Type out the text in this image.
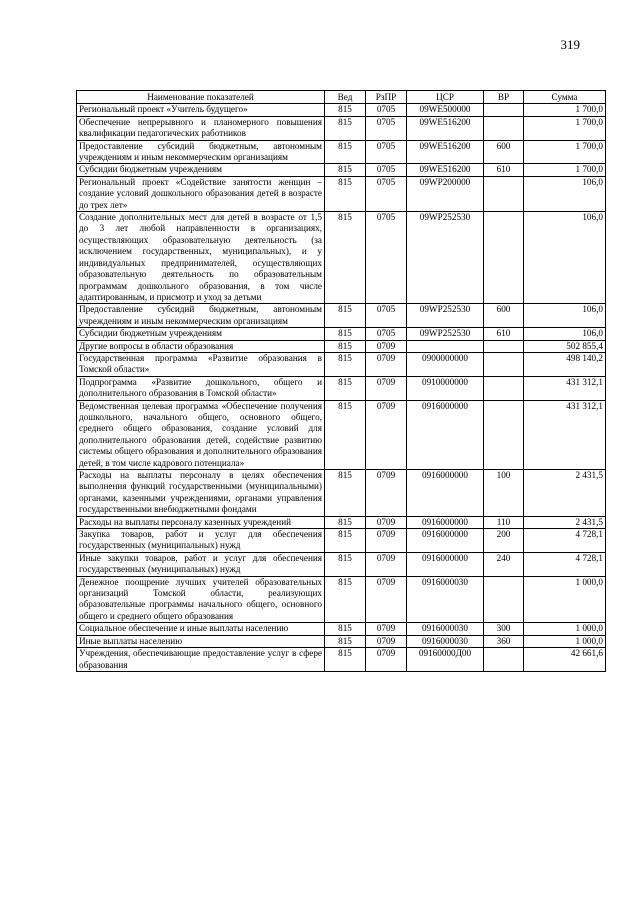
319
Наименование показателей	Вед	РзПР	ЦСР	ВР	Сумма
Региональный проект «Учитель будущего»	815	0705	09WE500000		1 700,0
Обеспечение непрерывного и планомерного повышения квалификации педагогических работников	815	0705	09WE516200		1 700,0
Предоставление субсидий бюджетным, автономным учреждениям и иным некоммерческим организациям	815	0705	09WE516200	600	1 700,0
Субсидии бюджетным учреждениям	815	0705	09WE516200	610	1 700,0
Региональный проект «Содействие занятости женщин – создание условий дошкольного образования детей в возрасте до трех лет»	815	0705	09WP200000		106,0
Создание дополнительных мест для детей в возрасте от 1,5 до 3 лет любой направленности в организациях, осуществляющих образовательную деятельность (за исключением государственных, муниципальных), и у индивидуальных предпринимателей, осуществляющих образовательную деятельность по образовательным программам дошкольного образования, в том числе адаптированным, и присмотр и уход за детьми	815	0705	09WP252530		106,0
Предоставление субсидий бюджетным, автономным учреждениям и иным некоммерческим организациям	815	0705	09WP252530	600	106,0
Субсидии бюджетным учреждениям	815	0705	09WP252530	610	106,0
Другие вопросы в области образования	815	0709			502 855,4
Государственная программа «Развитие образования в Томской области»	815	0709	0900000000		498 140,2
Подпрограмма «Развитие дошкольного, общего и дополнительного образования в Томской области»	815	0709	0910000000		431 312,1
Ведомственная целевая программа «Обеспечение получения дошкольного, начального общего, основного общего, среднего общего образования, создание условий для дополнительного образования детей, содействие развитию системы общего образования и дополнительного образования детей, в том числе кадрового потенциала»	815	0709	0916000000		431 312,1
Расходы на выплаты персоналу в целях обеспечения выполнения функций государственными (муниципальными) органами, казенными учреждениями, органами управления государственными внебюджетными фондами	815	0709	0916000000	100	2 431,5
Расходы на выплаты персоналу казенных учреждений	815	0709	0916000000	110	2 431,5
Закупка товаров, работ и услуг для обеспечения государственных (муниципальных) нужд	815	0709	0916000000	200	4 728,1
Иные закупки товаров, работ и услуг для обеспечения государственных (муниципальных) нужд	815	0709	0916000000	240	4 728,1
Денежное поощрение лучших учителей образовательных организаций Томской области, реализующих образовательные программы начального общего, основного общего и среднего общего образования	815	0709	0916000030		1 000,0
Социальное обеспечение и иные выплаты населению	815	0709	0916000030	300	1 000,0
Иные выплаты населению	815	0709	0916000030	360	1 000,0
Учреждения, обеспечивающие предоставление услуг в сфере образования	815	0709	09160000Д00		42 661,6
